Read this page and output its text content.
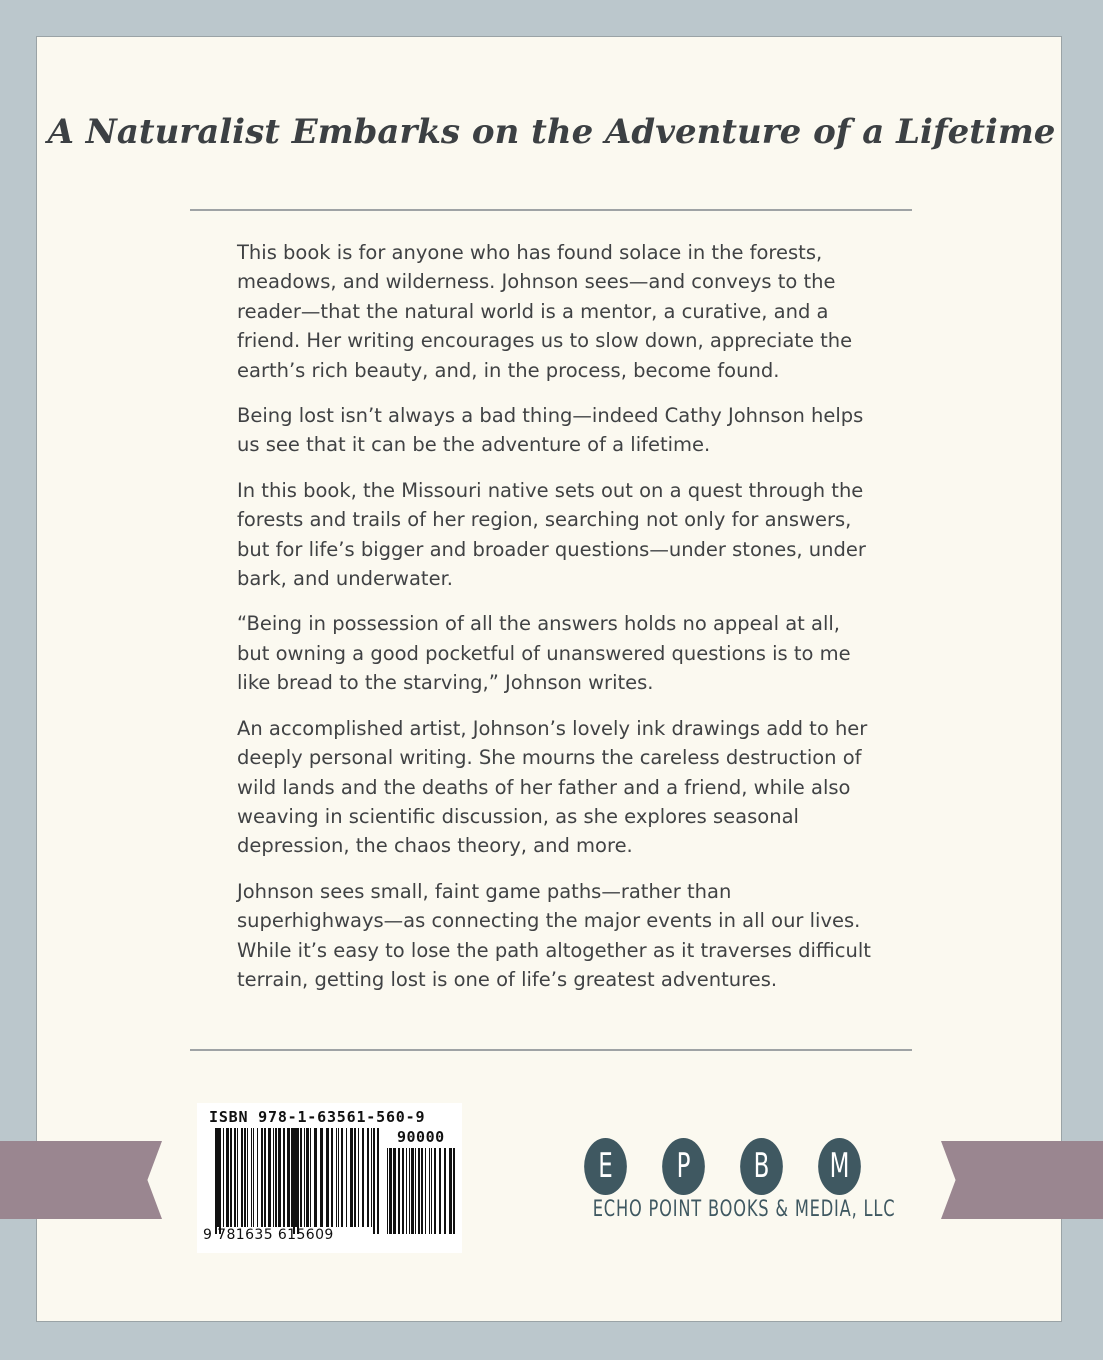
A Naturalist Embarks on the Adventure of a Lifetime

This book is for anyone who has found solace in the forests, meadows, and wilderness. Johnson sees—and conveys to the reader—that the natural world is a mentor, a curative, and a friend. Her writing encourages us to slow down, appreciate the earth’s rich beauty, and, in the process, become found.

Being lost isn’t always a bad thing—indeed Cathy Johnson helps us see that it can be the adventure of a lifetime.

In this book, the Missouri native sets out on a quest through the forests and trails of her region, searching not only for answers, but for life’s bigger and broader questions—under stones, under bark, and underwater.

“Being in possession of all the answers holds no appeal at all, but owning a good pocketful of unanswered questions is to me like bread to the starving,” Johnson writes.

An accomplished artist, Johnson’s lovely ink drawings add to her deeply personal writing. She mourns the careless destruction of wild lands and the deaths of her father and a friend, while also weaving in scientific discussion, as she explores seasonal depression, the chaos theory, and more.

Johnson sees small, faint game paths—rather than superhighways—as connecting the major events in all our lives. While it’s easy to lose the path altogether as it traverses difficult terrain, getting lost is one of life’s greatest adventures.

ISBN 978-1-63561-560-9
90000
9 781635 615609
E	P	B	M
ECHO POINT BOOKS & MEDIA, LLC
